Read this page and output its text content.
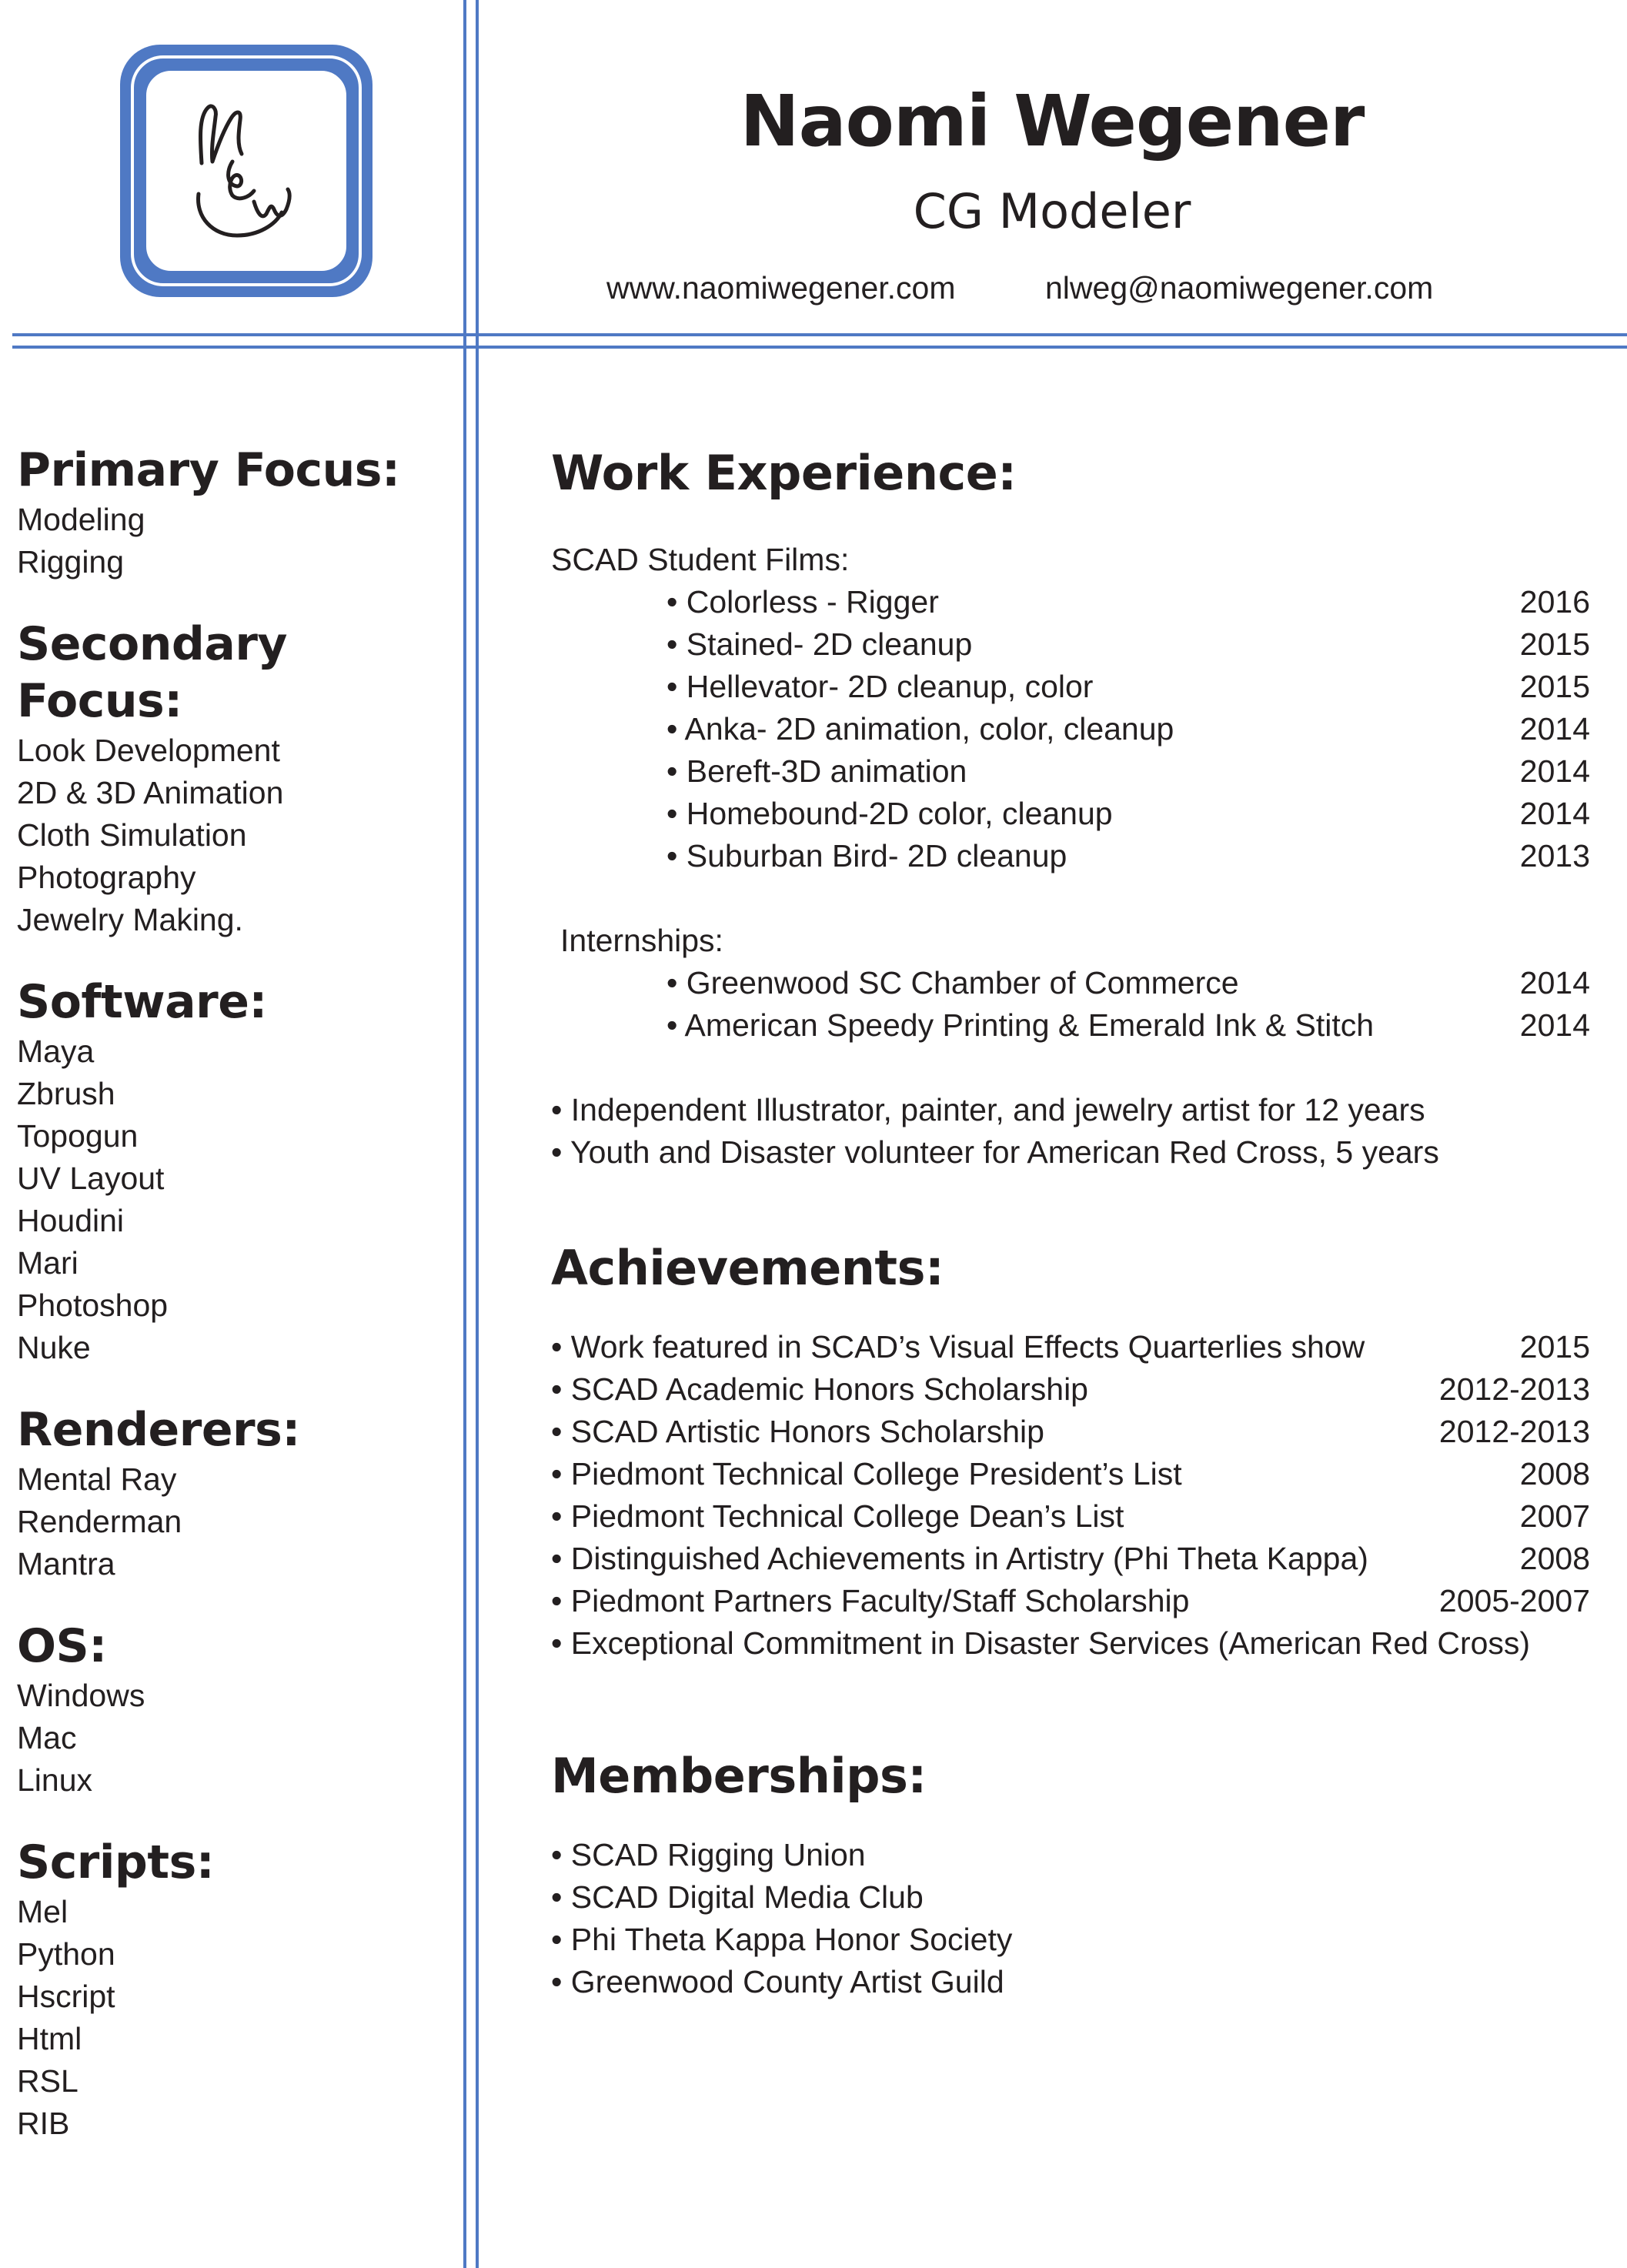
Naomi Wegener
CG Modeler
www.naomiwegener.com	nlweg@naomiwegener.com
Primary Focus:
Modeling
Rigging
Secondary Focus:
Look Development
2D & 3D Animation
Cloth Simulation
Photography
Jewelry Making.
Software:
Maya
Zbrush
Topogun
UV Layout
Houdini
Mari
Photoshop
Nuke
Renderers:
Mental Ray
Renderman
Mantra
OS:
Windows
Mac
Linux
Scripts:
Mel
Python
Hscript
Html
RSL
RIB
Work Experience:
SCAD Student Films:
• Colorless - Rigger	2016
• Stained- 2D cleanup	2015
• Hellevator- 2D cleanup, color	2015
• Anka- 2D animation, color, cleanup	2014
• Bereft-3D animation	2014
• Homebound-2D color, cleanup	2014
• Suburban Bird- 2D cleanup	2013
Internships:
• Greenwood SC Chamber of Commerce	2014
• American Speedy Printing & Emerald Ink & Stitch	2014
• Independent Illustrator, painter, and jewelry artist for 12 years
• Youth and Disaster volunteer for American Red Cross, 5 years
Achievements:
• Work featured in SCAD’s Visual Effects Quarterlies show	2015
• SCAD Academic Honors Scholarship	2012-2013
• SCAD Artistic Honors Scholarship	2012-2013
• Piedmont Technical College President’s List	2008
• Piedmont Technical College Dean’s List	2007
• Distinguished Achievements in Artistry (Phi Theta Kappa)	2008
• Piedmont Partners Faculty/Staff Scholarship	2005-2007
• Exceptional Commitment in Disaster Services (American Red Cross)
Memberships:
• SCAD Rigging Union
• SCAD Digital Media Club
• Phi Theta Kappa Honor Society
• Greenwood County Artist Guild
